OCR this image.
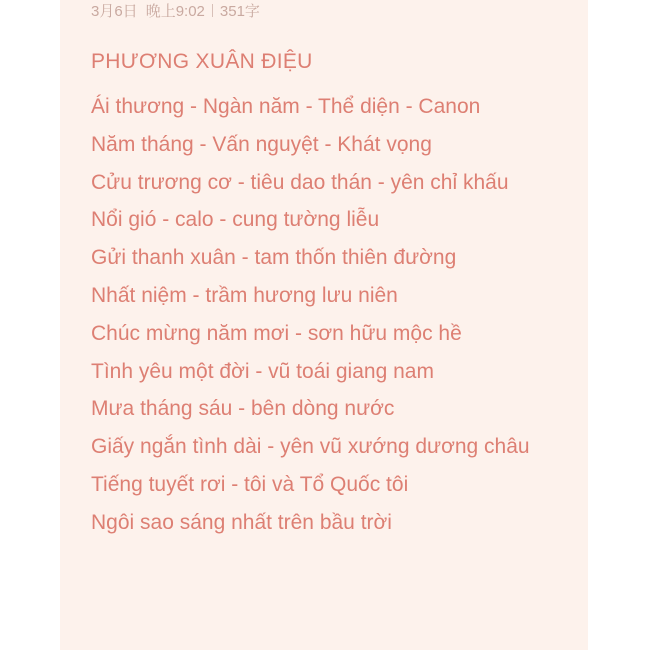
3月6日 晚上9:02 351字
PHƯƠNG XUÂN ĐIỆU
Ái thương - Ngàn năm - Thể diện - Canon
Năm tháng - Vấn nguyệt - Khát vọng
Cửu trương cơ - tiêu dao thán - yên chỉ khấu
Nổi gió - calo - cung tường liễu
Gửi thanh xuân - tam thốn thiên đường
Nhất niệm - trầm hương lưu niên
Chúc mừng năm mơi - sơn hữu mộc hề
Tình yêu một đời - vũ toái giang nam
Mưa tháng sáu - bên dòng nước
Giấy ngắn tình dài - yên vũ xướng dương châu
Tiếng tuyết rơi - tôi và Tổ Quốc tôi
Ngôi sao sáng nhất trên bầu trời
